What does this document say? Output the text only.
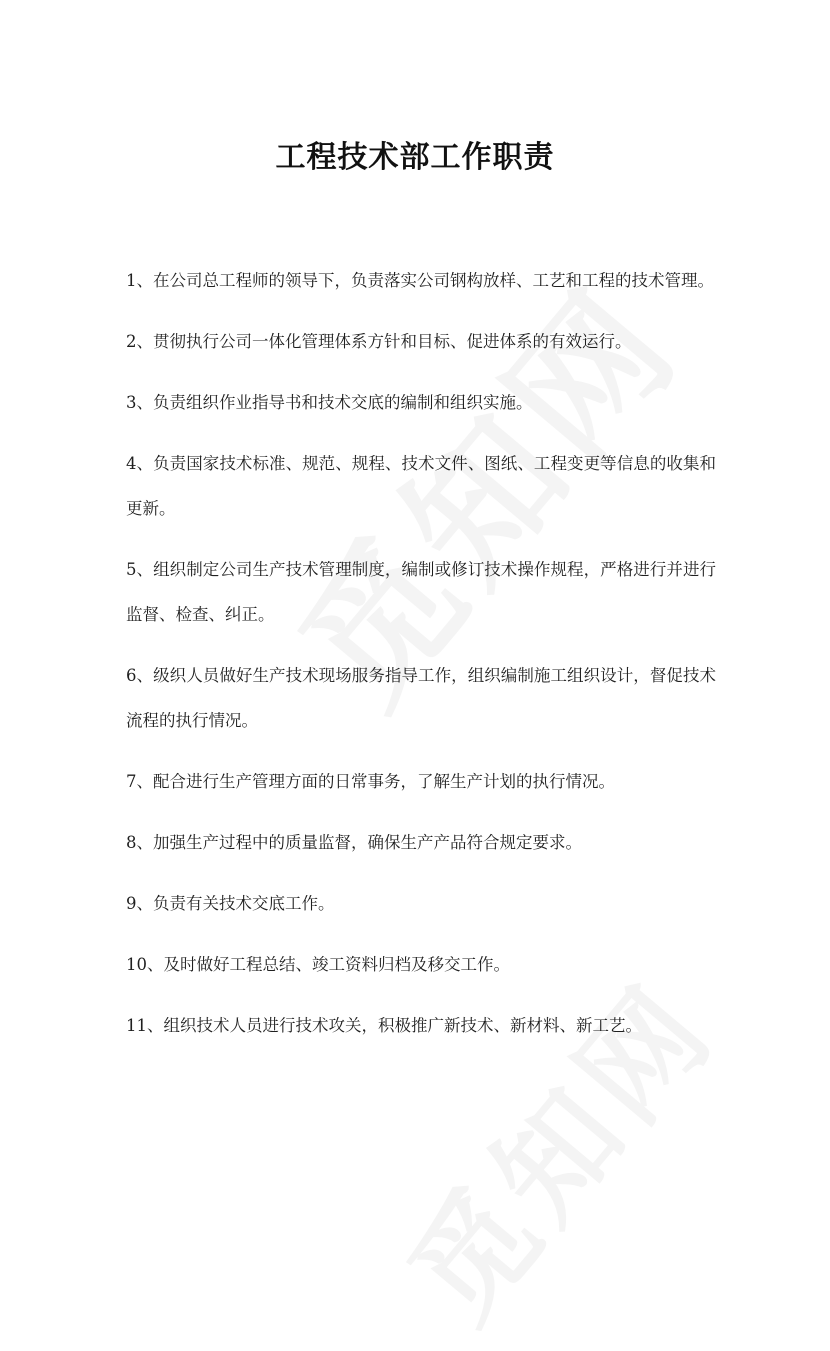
工程技术部工作职责
1、在公司总工程师的领导下，负责落实公司钢构放样、工艺和工程的技术管理。
2、贯彻执行公司一体化管理体系方针和目标、促进体系的有效运行。
3、负责组织作业指导书和技术交底的编制和组织实施。
4、负责国家技术标准、规范、规程、技术文件、图纸、工程变更等信息的收集和更新。
5、组织制定公司生产技术管理制度，编制或修订技术操作规程，严格进行并进行监督、检查、纠正。
6、级织人员做好生产技术现场服务指导工作，组织编制施工组织设计，督促技术流程的执行情况。
7、配合进行生产管理方面的日常事务，了解生产计划的执行情况。
8、加强生产过程中的质量监督，确保生产产品符合规定要求。
9、负责有关技术交底工作。
10、及时做好工程总结、竣工资料归档及移交工作。
11、组织技术人员进行技术攻关，积极推广新技术、新材料、新工艺。
